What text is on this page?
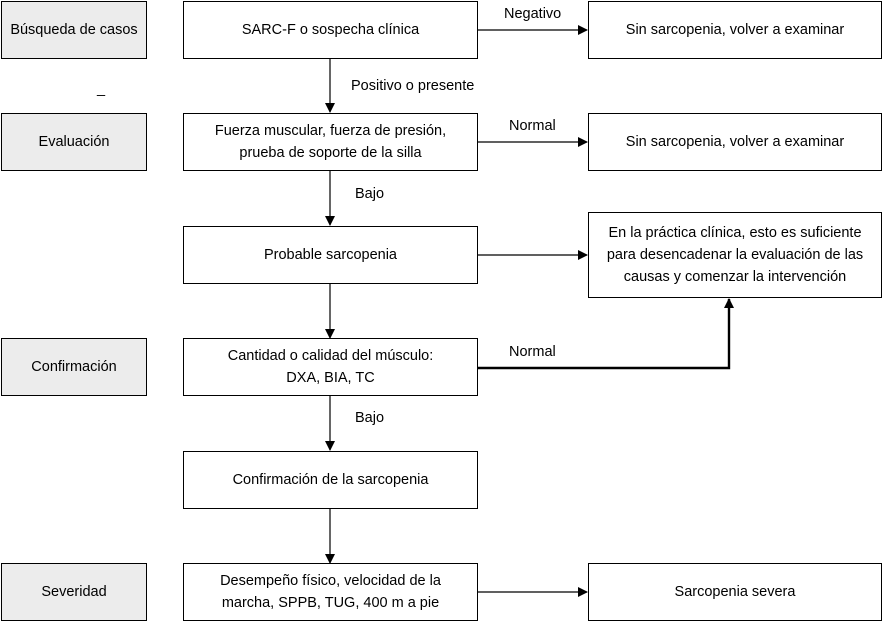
Búsqueda de casos
Evaluación
Confirmación
Severidad
SARC-F o sospecha clínica
Fuerza muscular, fuerza de presión,
prueba de soporte de la silla
Probable sarcopenia
Cantidad o calidad del músculo:
DXA, BIA, TC
Confirmación de la sarcopenia
Desempeño físico, velocidad de la
marcha, SPPB, TUG, 400 m a pie
Sin sarcopenia, volver a examinar
Sin sarcopenia, volver a examinar
En la práctica clínica, esto es suficiente
para desencadenar la evaluación de las
causas y comenzar la intervención
Sarcopenia severa
Negativo
Positivo o presente
Normal
Bajo
Normal
Bajo
_
